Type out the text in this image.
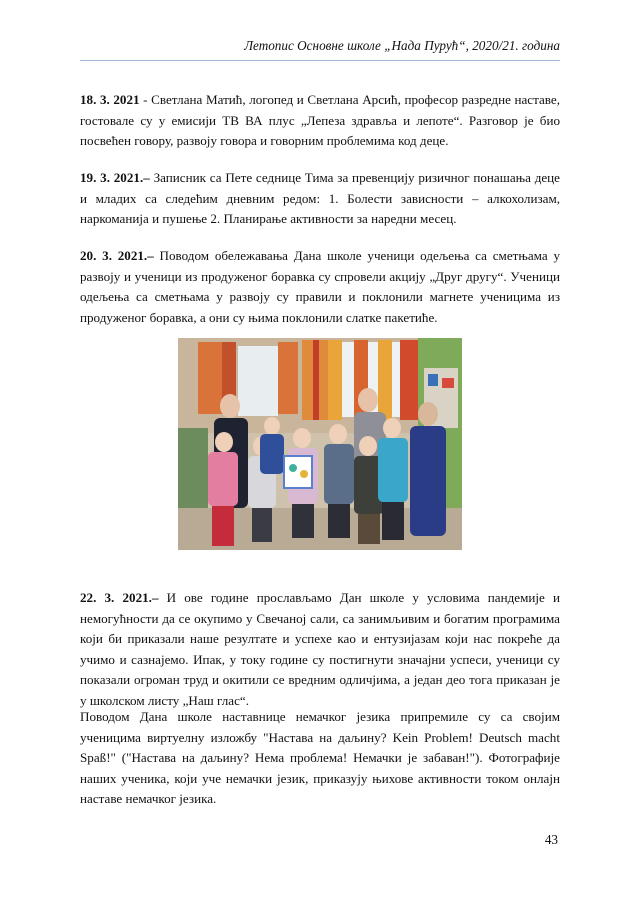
Летопис Основне школе „Нада Пурућ“, 2020/21. година

18. 3. 2021 - Светлана Матић, логопед и Светлана Арсић, професор разредне наставе, гостовале су у емисији ТВ ВА плус „Лепеза здравља и лепоте“. Разговор је био посвећен говору, развоју говора и говорним проблемима код деце.

19. 3. 2021.– Записник са Пете седнице Тима за превенцију ризичног понашања деце и младих са следећим дневним редом: 1. Болести зависности – алкохолизам, наркоманија и пушење 2. Планирање активности за наредни месец.

20. 3. 2021.– Поводом обележавања Дана школе ученици одељења са сметњама у развоју и ученици из продуженог боравка су спровели акцију „Друг другу“. Ученици одељења са сметњама у развоју су правили и поклонили магнете ученицима из продуженог боравка, а они су њима поклонили слатке пакетиће.

22. 3. 2021.– И ове године прослављамо Дан школе у условима пандемије и немогућности да се окупимо у Свечаној сали, са занимљивим и богатим програмима који би приказали наше резултате и успехе као и ентузијазам који нас покреће да учимо и сазнајемо. Ипак, у току године су постигнути значајни успеси, ученици су показали огроман труд и окитили се вредним одличјима, а један део тога приказан је у школском листу „Наш глас“.

Поводом Дана школе наставнице немачког језика припремиле су са својим ученицима виртуелну изложбу "Настава на даљину? Kein Problem! Deutsch macht Spaß!" ("Настава на даљину? Нема проблема! Немачки је забаван!"). Фотографије наших ученика, који уче немачки језик, приказују њихове активности током онлајн наставе немачког језика.

43
